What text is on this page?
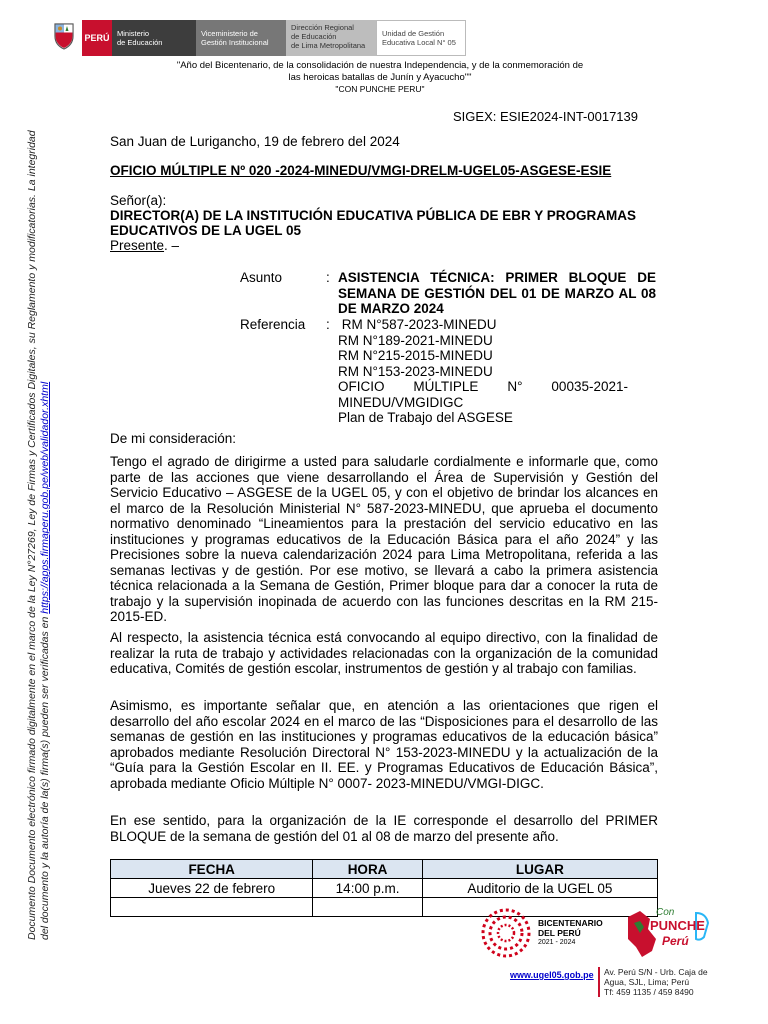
PERÚ	Ministerio
de Educación
Viceministerio de
Gestión Institucional
Dirección Regional
de Educación
de Lima Metropolitana
Unidad de Gestión
Educativa Local N° 05
"Año del Bicentenario, de la consolidación de nuestra Independencia, y de la conmemoración de
las heroicas batallas de Junín y Ayacucho""
"CON PUNCHE PERU"
SIGEX: ESIE2024-INT-0017139
San Juan de Lurigancho, 19 de febrero del 2024
OFICIO MÚLTIPLE Nº 020 -2024-MINEDU/VMGI-DRELM-UGEL05-ASGESE-ESIE
Señor(a):
DIRECTOR(A) DE LA INSTITUCIÓN EDUCATIVA PÚBLICA DE EBR Y PROGRAMAS
EDUCATIVOS DE LA UGEL 05
Presente. –
Asunto	: ASISTENCIA TÉCNICA: PRIMER BLOQUE DE SEMANA DE GESTIÓN DEL 01 DE MARZO AL 08 DE MARZO 2024
Referencia : RM N°587-2023-MINEDU
RM N°189-2021-MINEDU
RM N°215-2015-MINEDU
RM N°153-2023-MINEDU
OFICIO MÚLTIPLE N° 00035-2021-MINEDU/VMGIDIGC
Plan de Trabajo del ASGESE
De mi consideración:
Tengo el agrado de dirigirme a usted para saludarle cordialmente e informarle que, como parte de las acciones que viene desarrollando el Área de Supervisión y Gestión del Servicio Educativo – ASGESE de la UGEL 05, y con el objetivo de brindar los alcances en el marco de la Resolución Ministerial N° 587-2023-MINEDU, que aprueba el documento normativo denominado “Lineamientos para la prestación del servicio educativo en las instituciones y programas educativos de la Educación Básica para el año 2024” y las Precisiones sobre la nueva calendarización 2024 para Lima Metropolitana, referida a las semanas lectivas y de gestión. Por ese motivo, se llevará a cabo la primera asistencia técnica relacionada a la Semana de Gestión, Primer bloque para dar a conocer la ruta de trabajo y la supervisión inopinada de acuerdo con las funciones descritas en la RM 215-2015-ED.
Al respecto, la asistencia técnica está convocando al equipo directivo, con la finalidad de realizar la ruta de trabajo y actividades relacionadas con la organización de la comunidad educativa, Comités de gestión escolar, instrumentos de gestión y al trabajo con familias.
Asimismo, es importante señalar que, en atención a las orientaciones que rigen el desarrollo del año escolar 2024 en el marco de las “Disposiciones para el desarrollo de las semanas de gestión en las instituciones y programas educativos de la educación básica” aprobados mediante Resolución Directoral N° 153-2023-MINEDU y la actualización de la “Guía para la Gestión Escolar en II. EE. y Programas Educativos de Educación Básica”, aprobada mediante Oficio Múltiple N° 0007- 2023-MINEDU/VMGI-DIGC.
En ese sentido, para la organización de la IE corresponde el desarrollo del PRIMER BLOQUE de la semana de gestión del 01 al 08 de marzo del presente año.
FECHA	HORA	LUGAR
Jueves 22 de febrero	14:00 p.m.	Auditorio de la UGEL 05

Documento Documento electrónico firmado digitalmente en el marco de la Ley N°27269, Ley de Firmas y Certificados Digitales, su Reglamento y modificatorias. La integridad del documento y la autoría de la(s) firma(s) pueden ser verificadas en https://apps.firmaperu.gob.pe/web/validador.xhtml
BICENTENARIO
DEL PERÚ
2021 - 2024
Con
PUNCHE
Perú
www.ugel05.gob.pe Av. Perú S/N - Urb. Caja de Agua, SJL, Lima; Perú
Tf: 459 1135 / 459 8490
